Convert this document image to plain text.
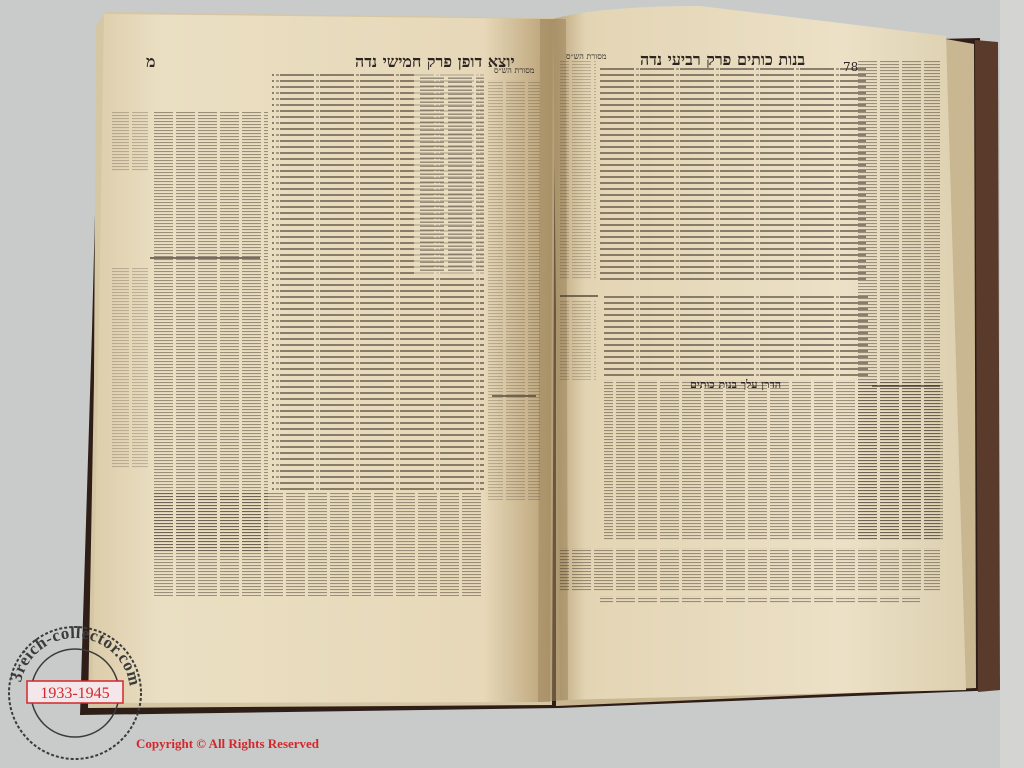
יוצא דופן פרק חמישי נדה
מ	מסורת הש״ס
בנות כותים פרק רביעי נדה	78
מסורת הש״ס
הדרן עלך בנות כותים
3reich-collector.com
1933-1945
Copyright © All Rights Reserved
